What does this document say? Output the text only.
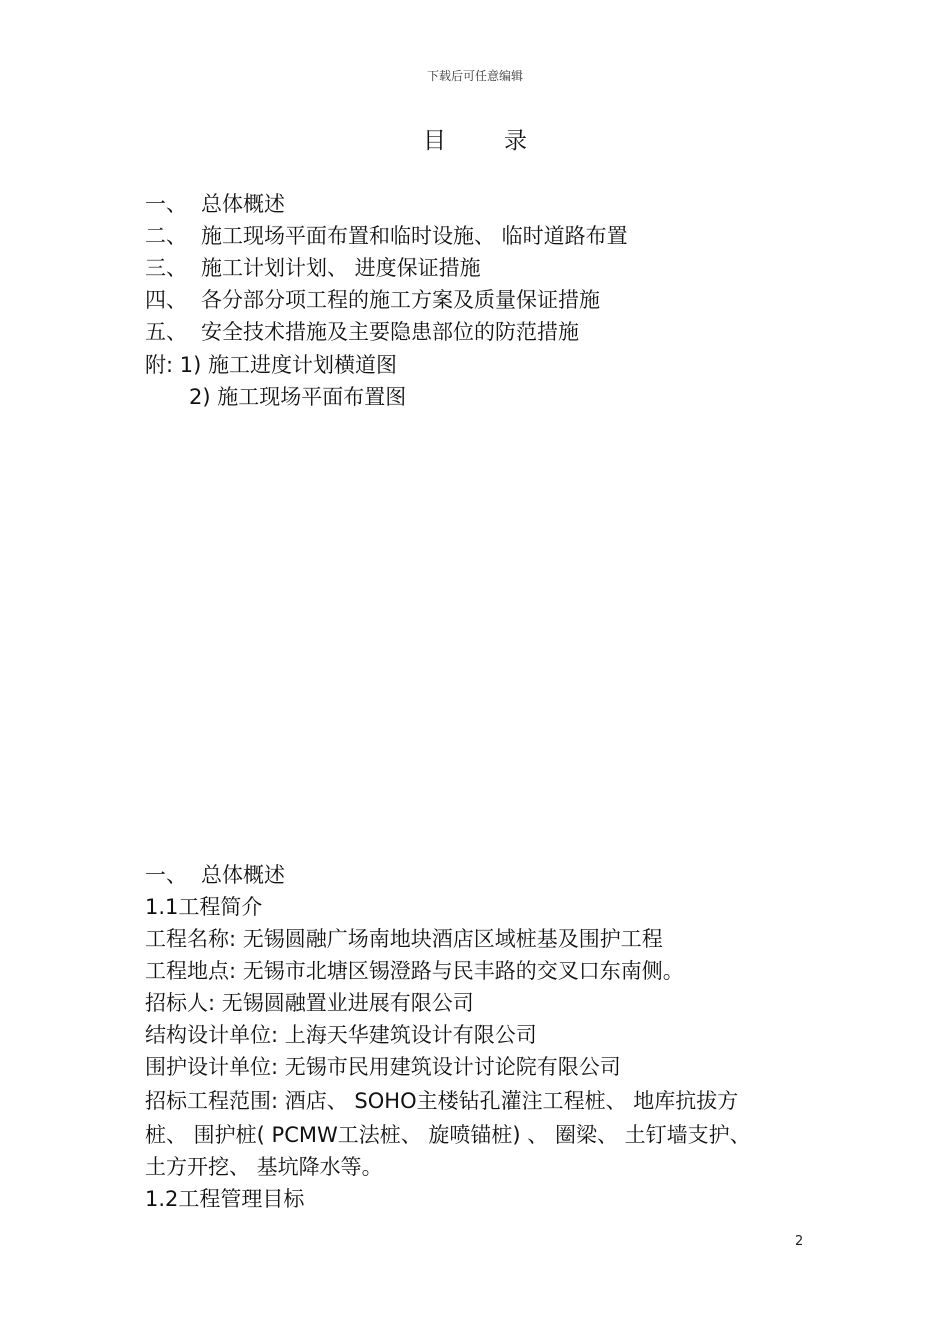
下载后可任意编辑
目	录
一、 总体概述
二、 施工现场平面布置和临时设施、 临时道路布置
三、 施工计划计划、 进度保证措施
四、 各分部分项工程的施工方案及质量保证措施
五、 安全技术措施及主要隐患部位的防范措施
附: 1) 施工进度计划横道图
2) 施工现场平面布置图
一、 总体概述
1.1工程简介
工程名称: 无锡圆融广场南地块酒店区域桩基及围护工程
工程地点: 无锡市北塘区锡澄路与民丰路的交叉口东南侧。
招标人: 无锡圆融置业进展有限公司
结构设计单位: 上海天华建筑设计有限公司
围护设计单位: 无锡市民用建筑设计讨论院有限公司
招标工程范围: 酒店、 SOHO主楼钻孔灌注工程桩、 地库抗拔方
桩、 围护桩( PCMW工法桩、 旋喷锚桩) 、 圈梁、 土钉墙支护、
土方开挖、 基坑降水等。
1.2工程管理目标
2
